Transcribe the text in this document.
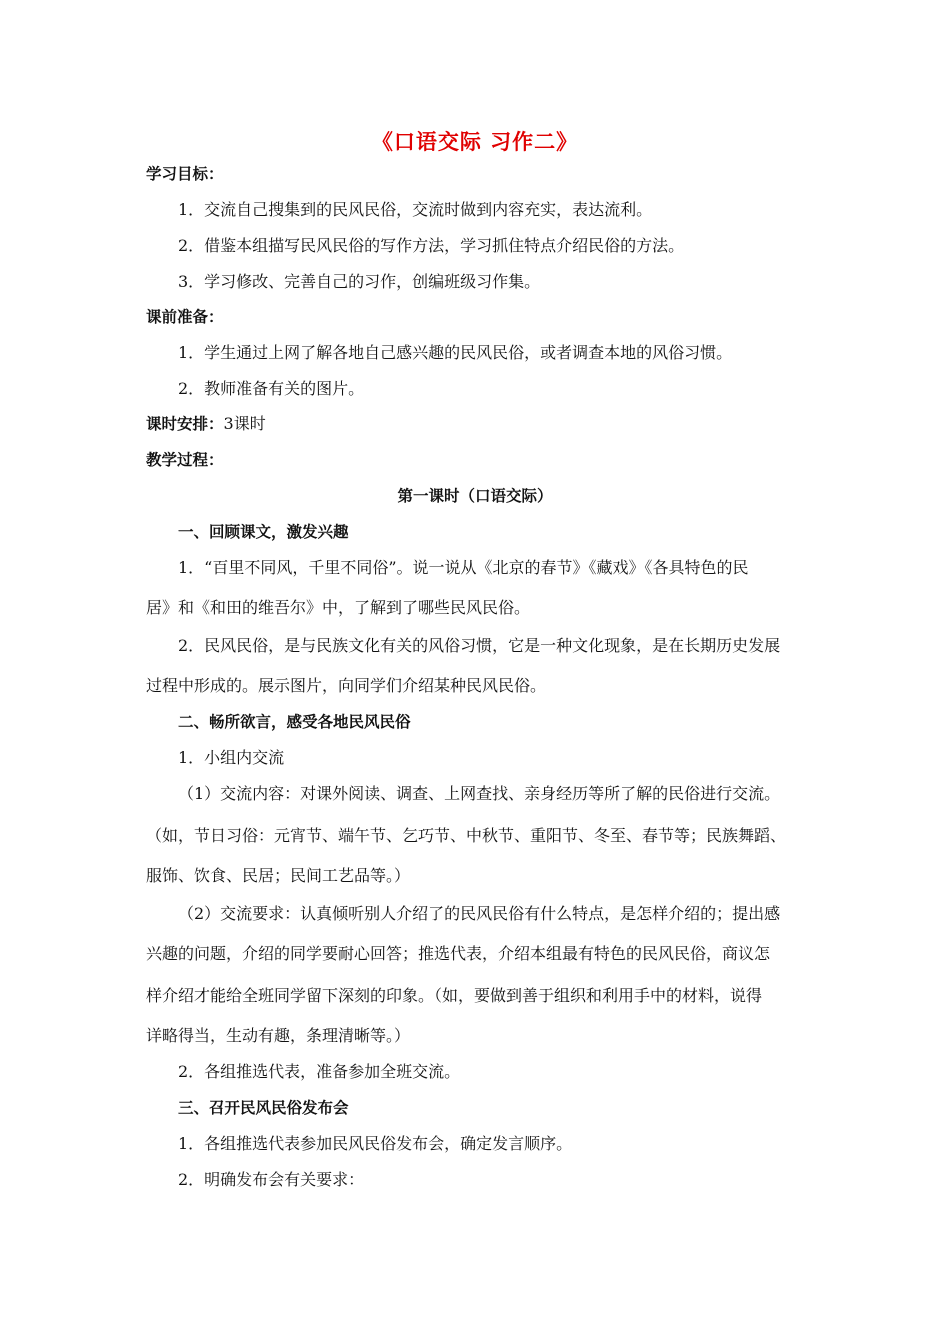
《口语交际 习作二》
学习目标：
1．交流自己搜集到的民风民俗，交流时做到内容充实，表达流利。
2．借鉴本组描写民风民俗的写作方法，学习抓住特点介绍民俗的方法。
3．学习修改、完善自己的习作，创编班级习作集。
课前准备：
1．学生通过上网了解各地自己感兴趣的民风民俗，或者调查本地的风俗习惯。
2．教师准备有关的图片。
课时安排：3课时
教学过程：
第一课时（口语交际）
一、回顾课文，激发兴趣
1．“百里不同风，千里不同俗”。说一说从《北京的春节》《藏戏》《各具特色的民
居》和《和田的维吾尔》中，了解到了哪些民风民俗。
2．民风民俗，是与民族文化有关的风俗习惯，它是一种文化现象，是在长期历史发展
过程中形成的。展示图片，向同学们介绍某种民风民俗。
二、畅所欲言，感受各地民风民俗
1．小组内交流
（1）交流内容：对课外阅读、调查、上网查找、亲身经历等所了解的民俗进行交流。
（如，节日习俗：元宵节、端午节、乞巧节、中秋节、重阳节、冬至、春节等；民族舞蹈、
服饰、饮食、民居；民间工艺品等。）
（2）交流要求：认真倾听别人介绍了的民风民俗有什么特点，是怎样介绍的；提出感
兴趣的问题，介绍的同学要耐心回答；推选代表，介绍本组最有特色的民风民俗，商议怎
样介绍才能给全班同学留下深刻的印象。（如，要做到善于组织和利用手中的材料，说得
详略得当，生动有趣，条理清晰等。）
2．各组推选代表，准备参加全班交流。
三、召开民风民俗发布会
1．各组推选代表参加民风民俗发布会，确定发言顺序。
2．明确发布会有关要求：
